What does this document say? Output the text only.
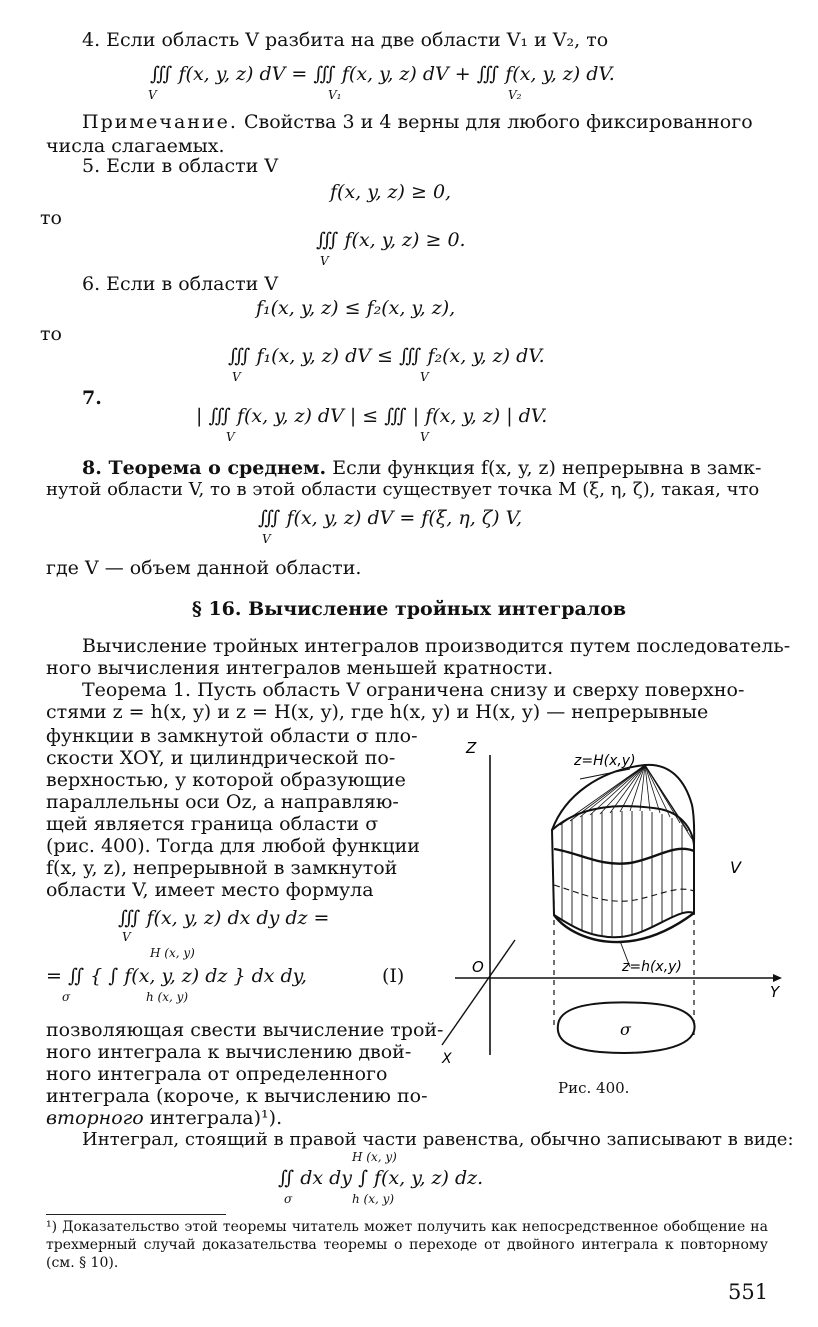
4. Если область V разбита на две области V₁ и V₂, то
∭ f(x, y, z) dV = ∭ f(x, y, z) dV + ∭ f(x, y, z) dV.
V	V₁	V₂
Примечание. Свойства 3 и 4 верны для любого фиксированного
числа слагаемых.
5. Если в области V
f(x, y, z) ≥ 0,
то
∭ f(x, y, z) ≥ 0.
V
6. Если в области V
f₁(x, y, z) ≤ f₂(x, y, z),
то
∭ f₁(x, y, z) dV ≤ ∭ f₂(x, y, z) dV.
V	V
7.
| ∭ f(x, y, z) dV | ≤ ∭ | f(x, y, z) | dV.
V	V
8. Теорема о среднем. Если функция f(x, y, z) непрерывна в замк-
нутой области V, то в этой области существует точка M (ξ, η, ζ), такая, что
∭ f(x, y, z) dV = f(ξ, η, ζ) V,
V
где V — объем данной области.
§ 16. Вычисление тройных интегралов
Вычисление тройных интегралов производится путем последователь-
ного вычисления интегралов меньшей кратности.
Теорема 1. Пусть область V ограничена снизу и сверху поверхно-
стями z = h(x, y) и z = H(x, y), где h(x, y) и H(x, y) — непрерывные
функции в замкнутой области σ пло-
скости XOY, и цилиндрической по-
верхностью, у которой образующие
параллельны оси Oz, а направляю-
щей является граница области σ
(рис. 400). Тогда для любой функции
f(x, y, z), непрерывной в замкнутой
области V, имеет место формула
∭ f(x, y, z) dx dy dz =
V
H (x, y)
= ∬ { ∫ f(x, y, z) dz } dx dy,
σ	h (x, y)
(I)
позволяющая свести вычисление трой-
ного интеграла к вычислению двой-
ного интеграла от определенного
интеграла (короче, к вычислению по-
вторного интеграла)¹).
Z
O
Y
X
z=H(x,y)
z=h(x,y)
V
σ
Рис. 400.
Интеграл, стоящий в правой части равенства, обычно записывают в виде:
H (x, y)
∬ dx dy ∫ f(x, y, z) dz.
σ	h (x, y)
¹) Доказательство этой теоремы читатель может получить как непосредственное обобщение на трехмерный случай доказательства теоремы о переходе от двойного интеграла к повторному (см. § 10).
551
